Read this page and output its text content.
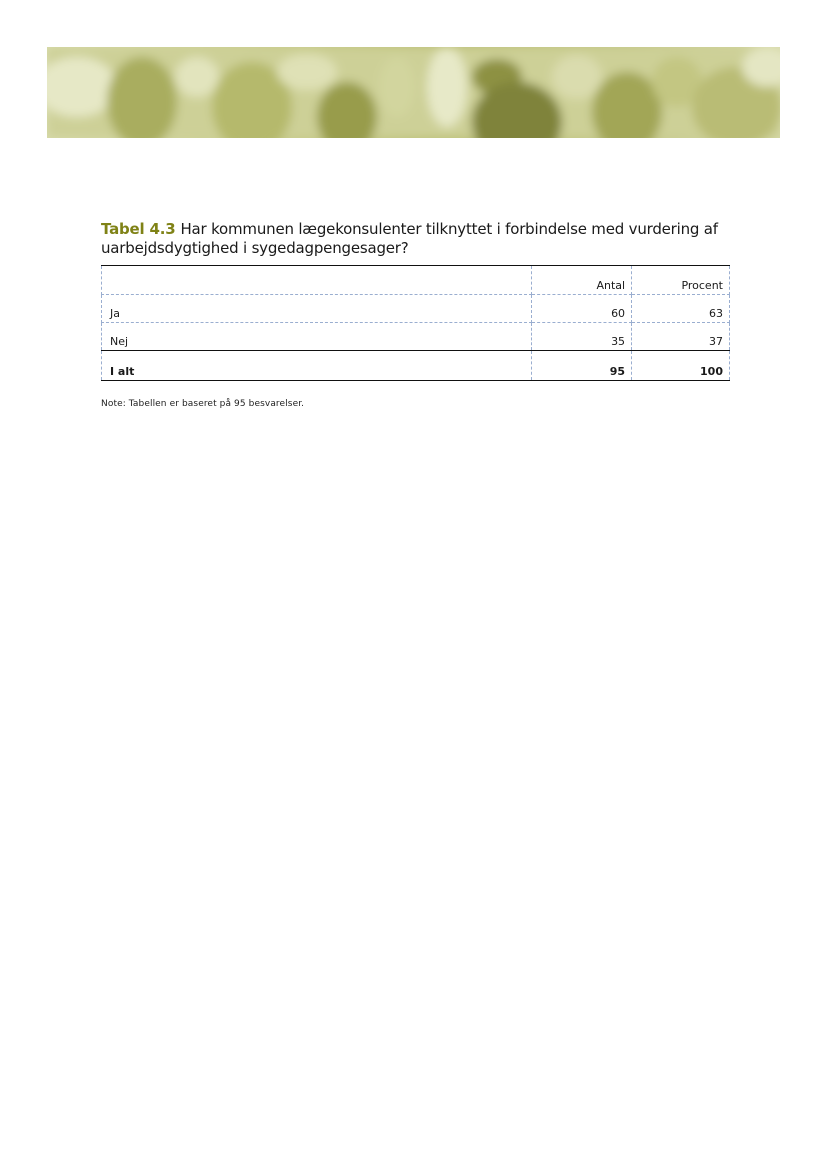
Tabel 4.3 Har kommunen lægekonsulenter tilknyttet i forbindelse med vurdering af uarbejdsdygtighed i sygedagpengesager?
	Antal	Procent
Ja	60	63
Nej	35	37
I alt	95	100
Note: Tabellen er baseret på 95 besvarelser.
